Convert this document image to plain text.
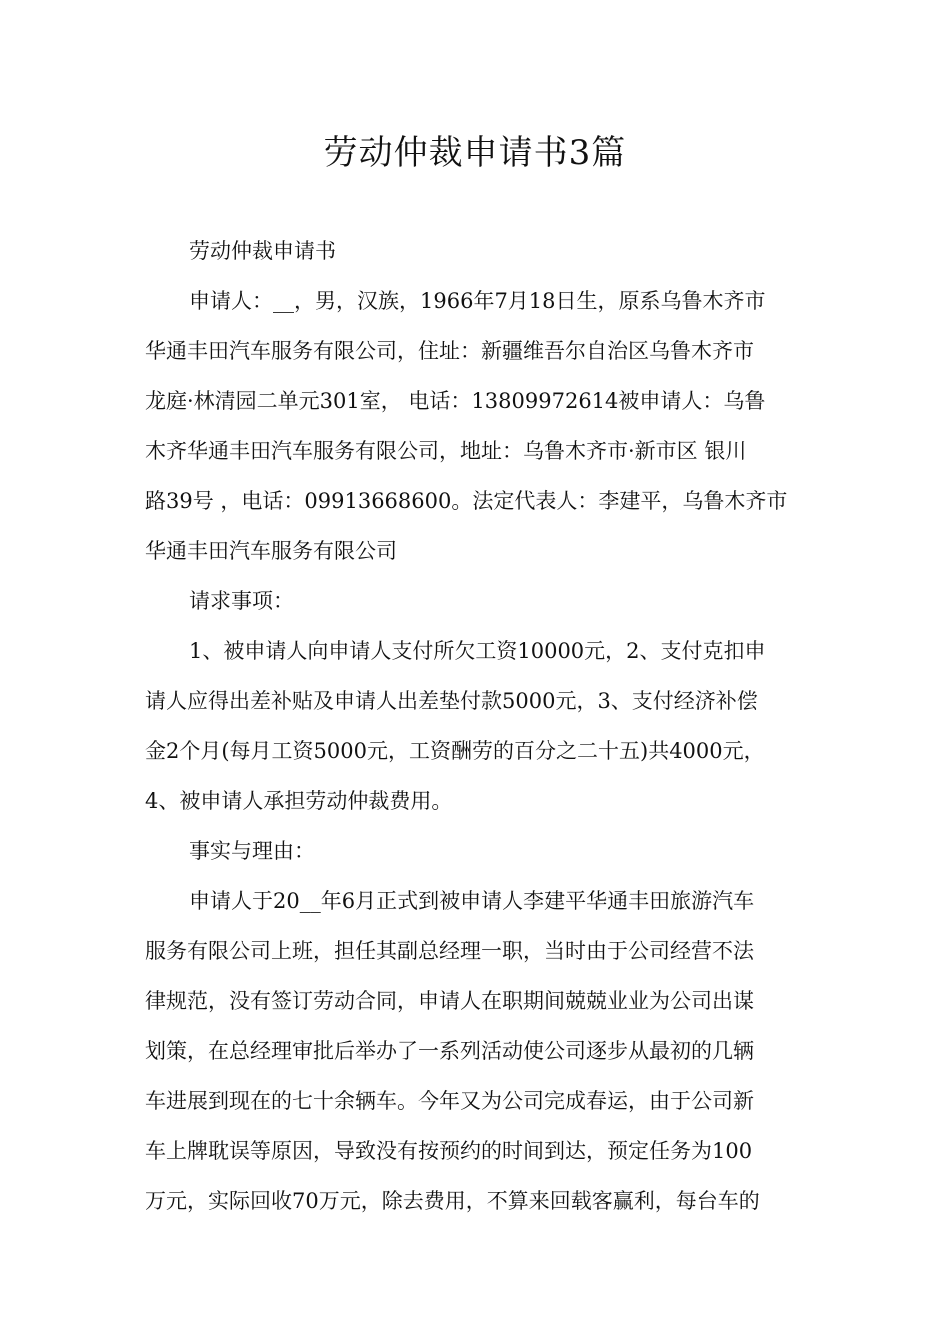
劳动仲裁申请书3篇

劳动仲裁申请书

申请人：__，男，汉族，1966年7月18日生，原系乌鲁木齐市

华通丰田汽车服务有限公司，住址：新疆维吾尔自治区乌鲁木齐市

龙庭·林清园二单元301室， 电话：13809972614被申请人：乌鲁

木齐华通丰田汽车服务有限公司，地址：乌鲁木齐市·新市区 银川

路39号 ，电话：09913668600。法定代表人：李建平，乌鲁木齐市

华通丰田汽车服务有限公司

请求事项：

1、被申请人向申请人支付所欠工资10000元，2、支付克扣申

请人应得出差补贴及申请人出差垫付款5000元，3、支付经济补偿

金2个月(每月工资5000元，工资酬劳的百分之二十五)共4000元，

4、被申请人承担劳动仲裁费用。

事实与理由：

申请人于20__年6月正式到被申请人李建平华通丰田旅游汽车

服务有限公司上班，担任其副总经理一职，当时由于公司经营不法

律规范，没有签订劳动合同，申请人在职期间兢兢业业为公司出谋

划策，在总经理审批后举办了一系列活动使公司逐步从最初的几辆

车进展到现在的七十余辆车。今年又为公司完成春运，由于公司新

车上牌耽误等原因，导致没有按预约的时间到达，预定任务为100

万元，实际回收70万元，除去费用，不算来回载客赢利，每台车的
